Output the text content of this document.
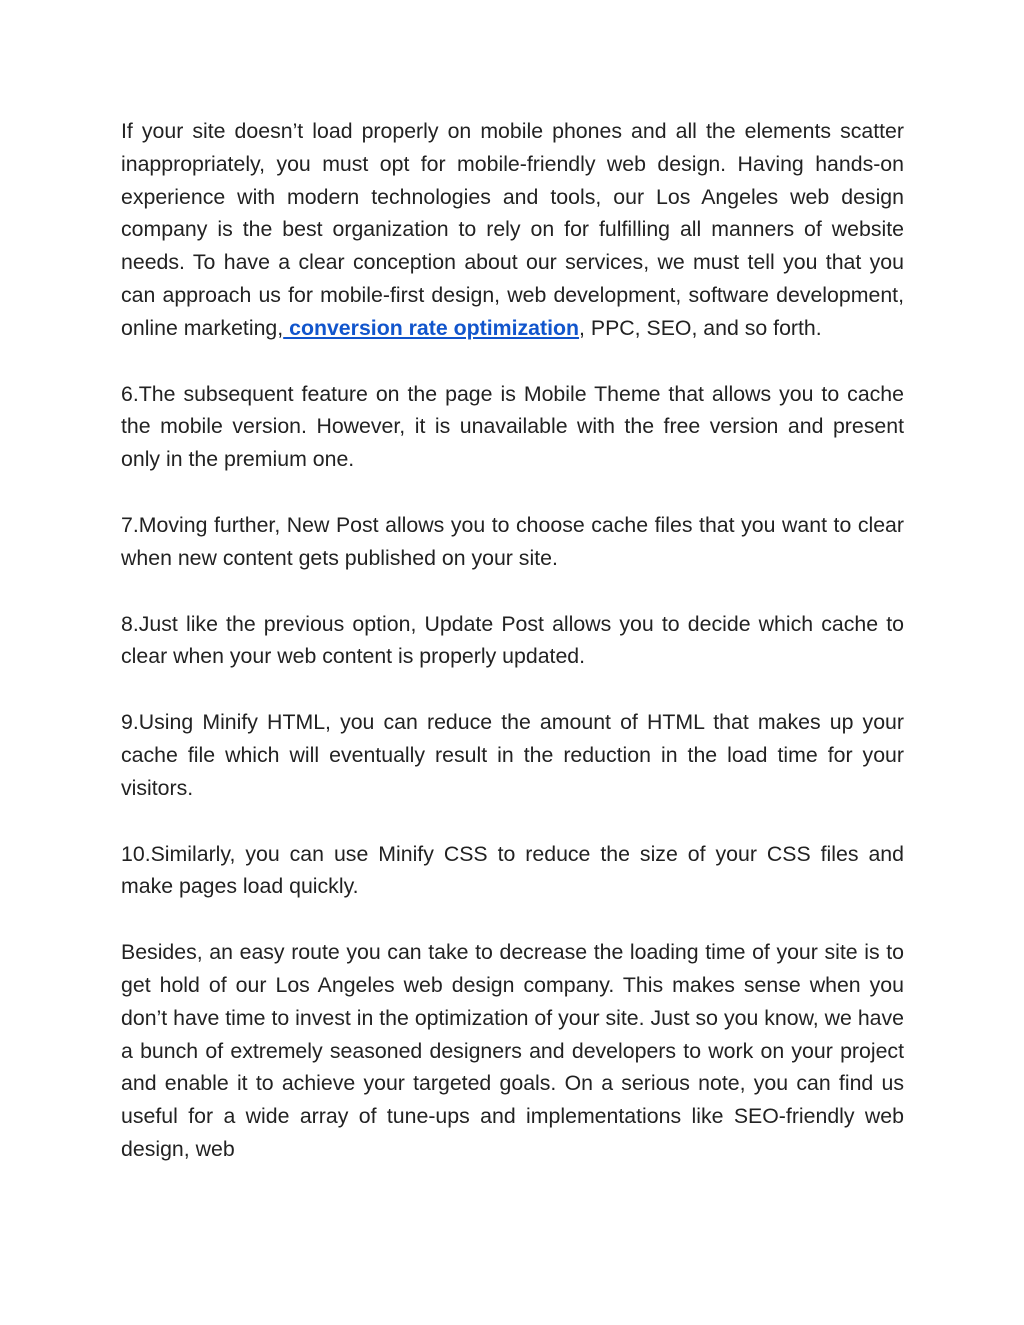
If your site doesn’t load properly on mobile phones and all the elements scatter inappropriately, you must opt for mobile-friendly web design. Having hands-on experience with modern technologies and tools, our Los Angeles web design company is the best organization to rely on for fulfilling all manners of website needs. To have a clear conception about our services, we must tell you that you can approach us for mobile-first design, web development, software development, online marketing, conversion rate optimization, PPC, SEO, and so forth.

6.The subsequent feature on the page is Mobile Theme that allows you to cache the mobile version. However, it is unavailable with the free version and present only in the premium one.

7.Moving further, New Post allows you to choose cache files that you want to clear when new content gets published on your site.

8.Just like the previous option, Update Post allows you to decide which cache to clear when your web content is properly updated.

9.Using Minify HTML, you can reduce the amount of HTML that makes up your cache file which will eventually result in the reduction in the load time for your visitors.

10.Similarly, you can use Minify CSS to reduce the size of your CSS files and make pages load quickly.

Besides, an easy route you can take to decrease the loading time of your site is to get hold of our Los Angeles web design company. This makes sense when you don’t have time to invest in the optimization of your site. Just so you know, we have a bunch of extremely seasoned designers and developers to work on your project and enable it to achieve your targeted goals. On a serious note, you can find us useful for a wide array of tune-ups and implementations like SEO-friendly web design, web
